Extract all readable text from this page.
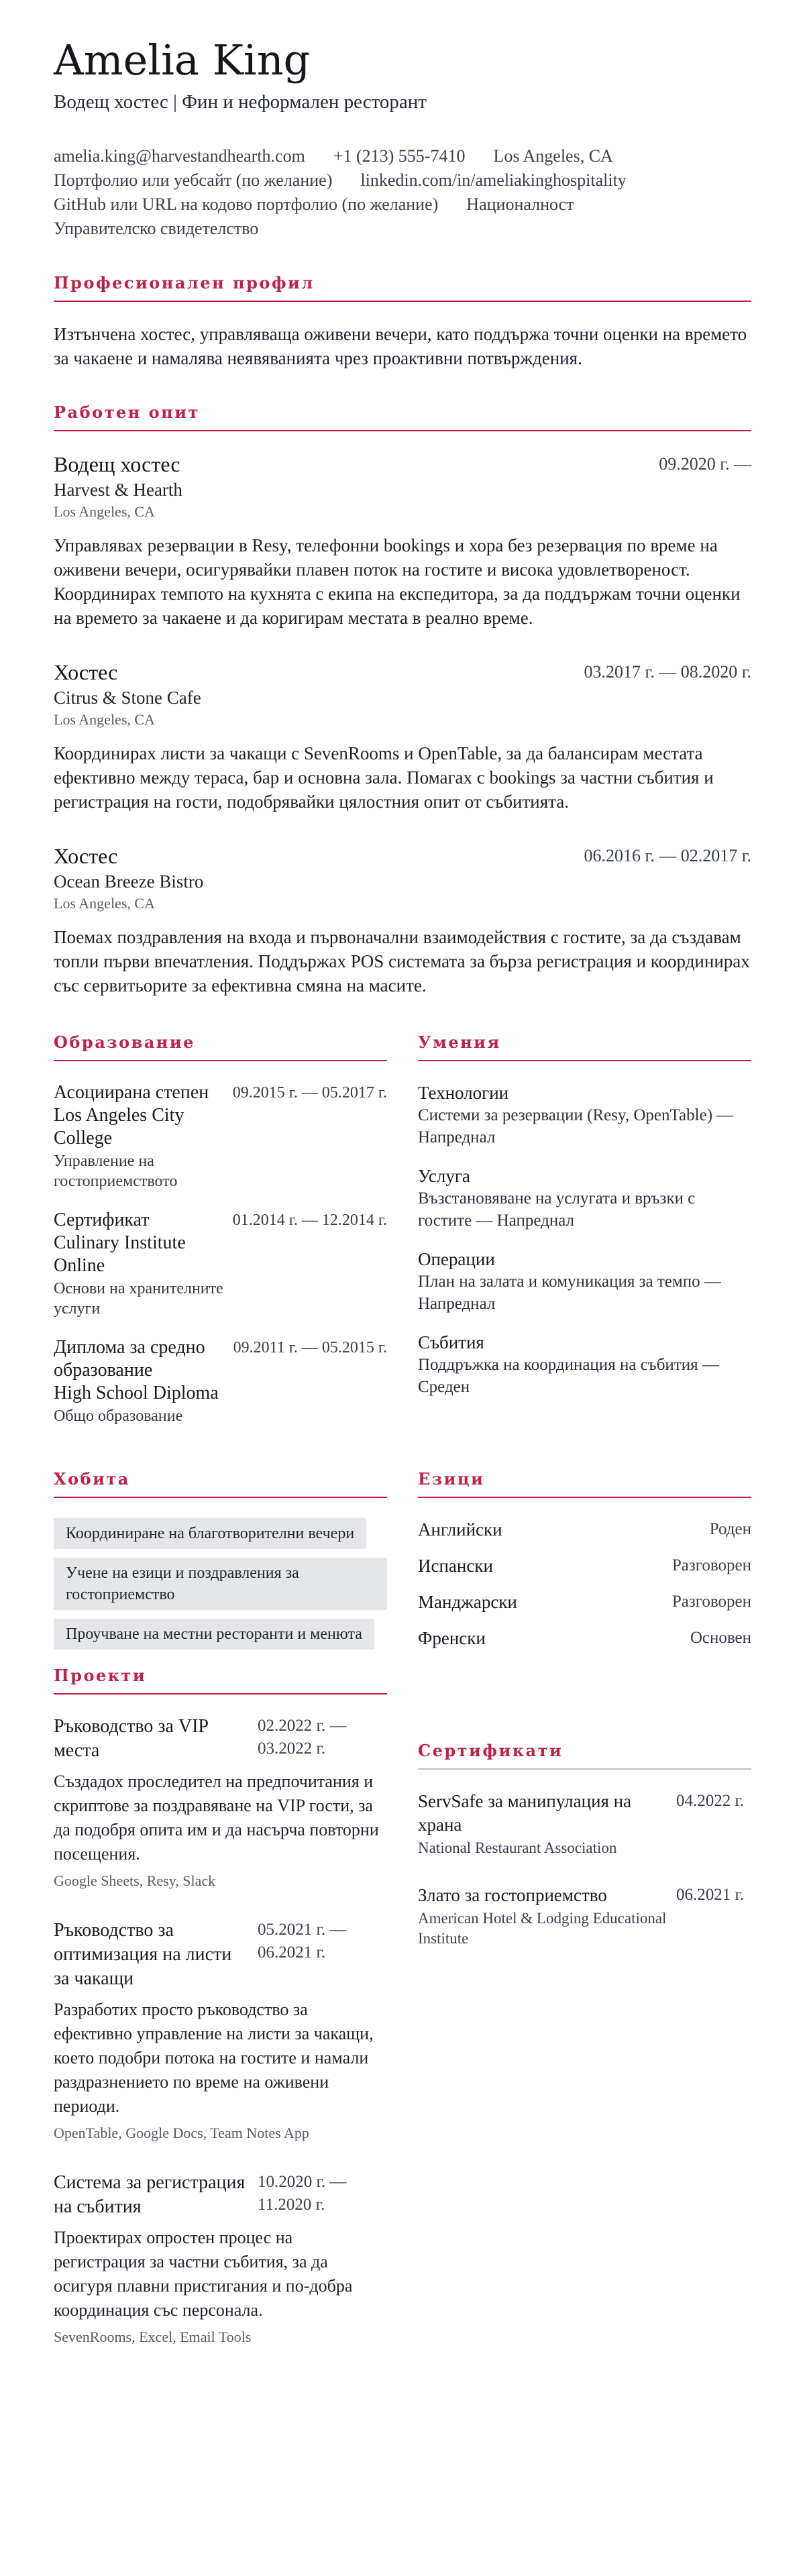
Amelia King
Водещ хостес | Фин и неформален ресторант
amelia.king@harvestandhearth.com +1 (213) 555-7410 Los Angeles, CA
Портфолио или уебсайт (по желание) linkedin.com/in/ameliakinghospitality
GitHub или URL на кодово портфолио (по желание) Националност
Управителско свидетелство
Професионален профил

Изтънчена хостес, управляваща оживени вечери, като поддържа точни оценки на времето за чакаене и намалява неявяванията чрез проактивни потвърждения.

Работен опит
Водещ хостес	09.2020 г. —
Harvest & Hearth
Los Angeles, CA

Управлявах резервации в Resy, телефонни bookings и хора без резервация по време на оживени вечери, осигурявайки плавен поток на гостите и висока удовлетвореност. Координирах темпото на кухнята с екипа на експедитора, за да поддържам точни оценки на времето за чакаене и да коригирам местата в реално време.

Хостес	03.2017 г. — 08.2020 г.
Citrus & Stone Cafe
Los Angeles, CA

Координирах листи за чакащи с SevenRooms и OpenTable, за да балансирам местата ефективно между тераса, бар и основна зала. Помагах с bookings за частни събития и регистрация на гости, подобрявайки цялостния опит от събитията.

Хостес	06.2016 г. — 02.2017 г.
Ocean Breeze Bistro
Los Angeles, CA

Поемах поздравления на входа и първоначални взаимодействия с гостите, за да създавам топли първи впечатления. Поддържах POS системата за бърза регистрация и координирах със сервитьорите за ефективна смяна на масите.

Образование
Асоциирана степен
Los Angeles City College
Управление на гостоприемството
09.2015 г. — 05.2017 г.
Сертификат
Culinary Institute Online
Основи на хранителните услуги
01.2014 г. — 12.2014 г.
Диплома за средно образование
High School Diploma
Общо образование
09.2011 г. — 05.2015 г.
Умения
Технологии
Системи за резервации (Resy, OpenTable) — Напреднал
Услуга
Възстановяване на услугата и връзки с гостите — Напреднал
Операции
План на залата и комуникация за темпо — Напреднал
Събития
Поддръжка на координация на събития — Среден
Хобита
Координиране на благотворителни вечери
Учене на езици и поздравления за гостоприемство
Проучване на местни ресторанти и менюта
Езици
Английски	Роден
Испански	Разговорен
Манджарски	Разговорен
Френски	Основен
Проекти
Ръководство за VIP места
02.2022 г. — 03.2022 г.
Създадох проследител на предпочитания и скриптове за поздравяване на VIP гости, за да подобря опита им и да насърча повторни посещения.
Google Sheets, Resy, Slack
Ръководство за оптимизация на листи за чакащи
05.2021 г. — 06.2021 г.
Разработих просто ръководство за ефективно управление на листи за чакащи, което подобри потока на гостите и намали раздразнението по време на оживени периоди.
OpenTable, Google Docs, Team Notes App
Система за регистрация на събития
10.2020 г. — 11.2020 г.
Проектирах опростен процес на регистрация за частни събития, за да осигуря плавни пристигания и по-добра координация със персонала.
SevenRooms, Excel, Email Tools
Сертификати
ServSafe за манипулация на храна
National Restaurant Association
04.2022 г.
Злато за гостоприемство
American Hotel & Lodging Educational Institute
06.2021 г.
